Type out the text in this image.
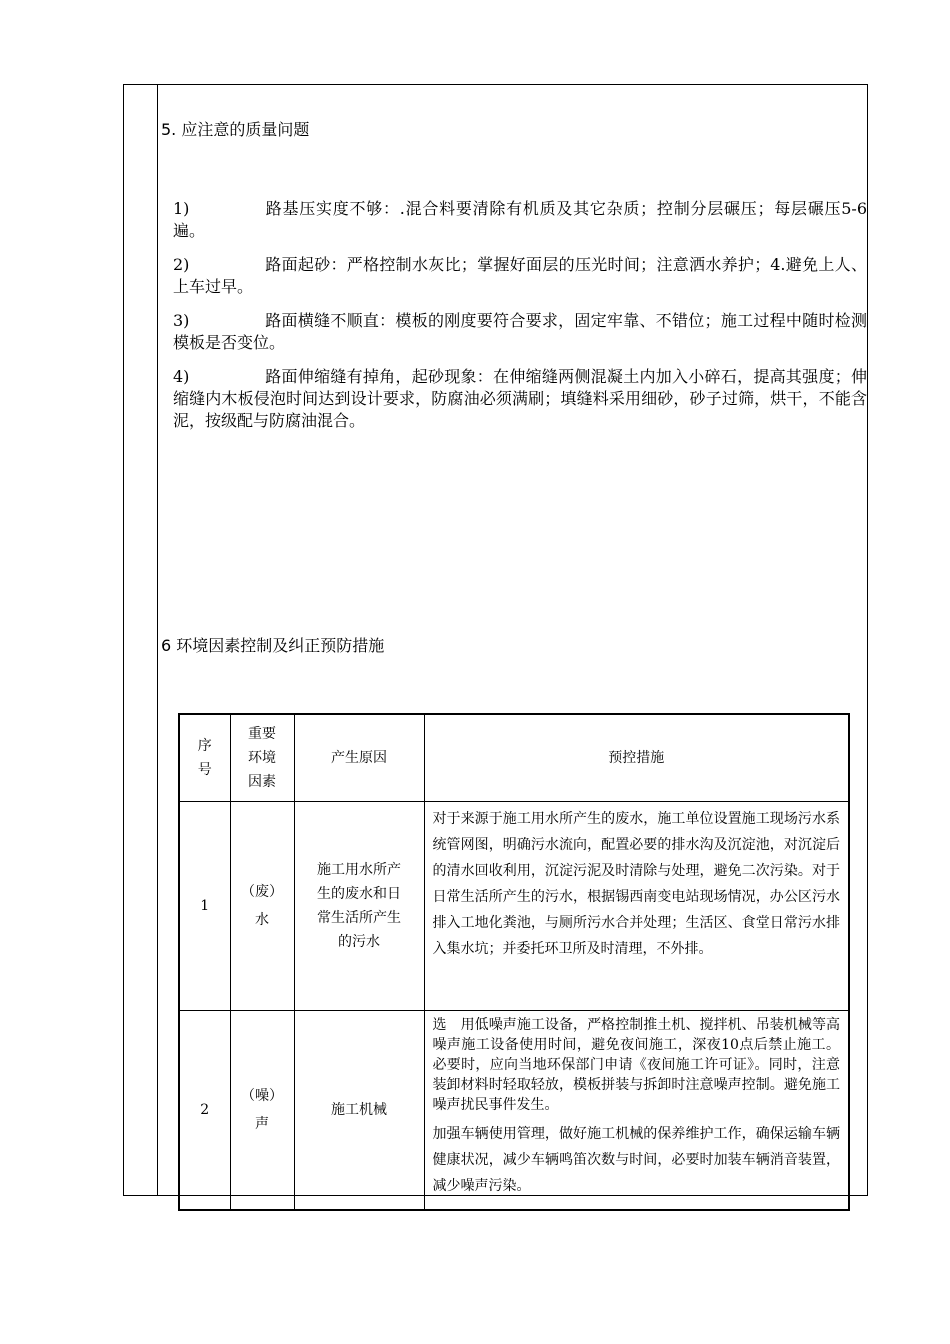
5. 应注意的质量问题
1)	路基压实度不够：.混合料要清除有机质及其它杂质；控制分层碾压；每层碾压5-6遍。
2)	路面起砂：严格控制水灰比；掌握好面层的压光时间；注意洒水养护；4.避免上人、上车过早。
3)	路面横缝不顺直：模板的刚度要符合要求，固定牢靠、不错位；施工过程中随时检测模板是否变位。
4)	路面伸缩缝有掉角，起砂现象：在伸缩缝两侧混凝土内加入小碎石，提高其强度；伸缩缝内木板侵泡时间达到设计要求，防腐油必须满刷；填缝料采用细砂，砂子过筛，烘干，不能含泥，按级配与防腐油混合。
6 环境因素控制及纠正预防措施
序号	重要环境因素	产生原因	预控措施
1	（废）水	施工用水所产生的废水和日常生活所产生的污水	对于来源于施工用水所产生的废水，施工单位设置施工现场污水系统管网图，明确污水流向，配置必要的排水沟及沉淀池，对沉淀后的清水回收利用，沉淀污泥及时清除与处理，避免二次污染。对于日常生活所产生的污水，根据锡西南变电站现场情况，办公区污水排入工地化粪池，与厕所污水合并处理；生活区、食堂日常污水排入集水坑；并委托环卫所及时清理，不外排。

2	（噪）声	施工机械	选　用低噪声施工设备，严格控制推土机、搅拌机、吊装机械等高噪声施工设备使用时间，避免夜间施工，深夜10点后禁止施工。必要时，应向当地环保部门申请《夜间施工许可证》。同时，注意装卸材料时轻取轻放，模板拼装与拆卸时注意噪声控制。避免施工噪声扰民事件发生。

加强车辆使用管理，做好施工机械的保养维护工作，确保运输车辆健康状况，减少车辆鸣笛次数与时间，必要时加装车辆消音装置，减少噪声污染。
